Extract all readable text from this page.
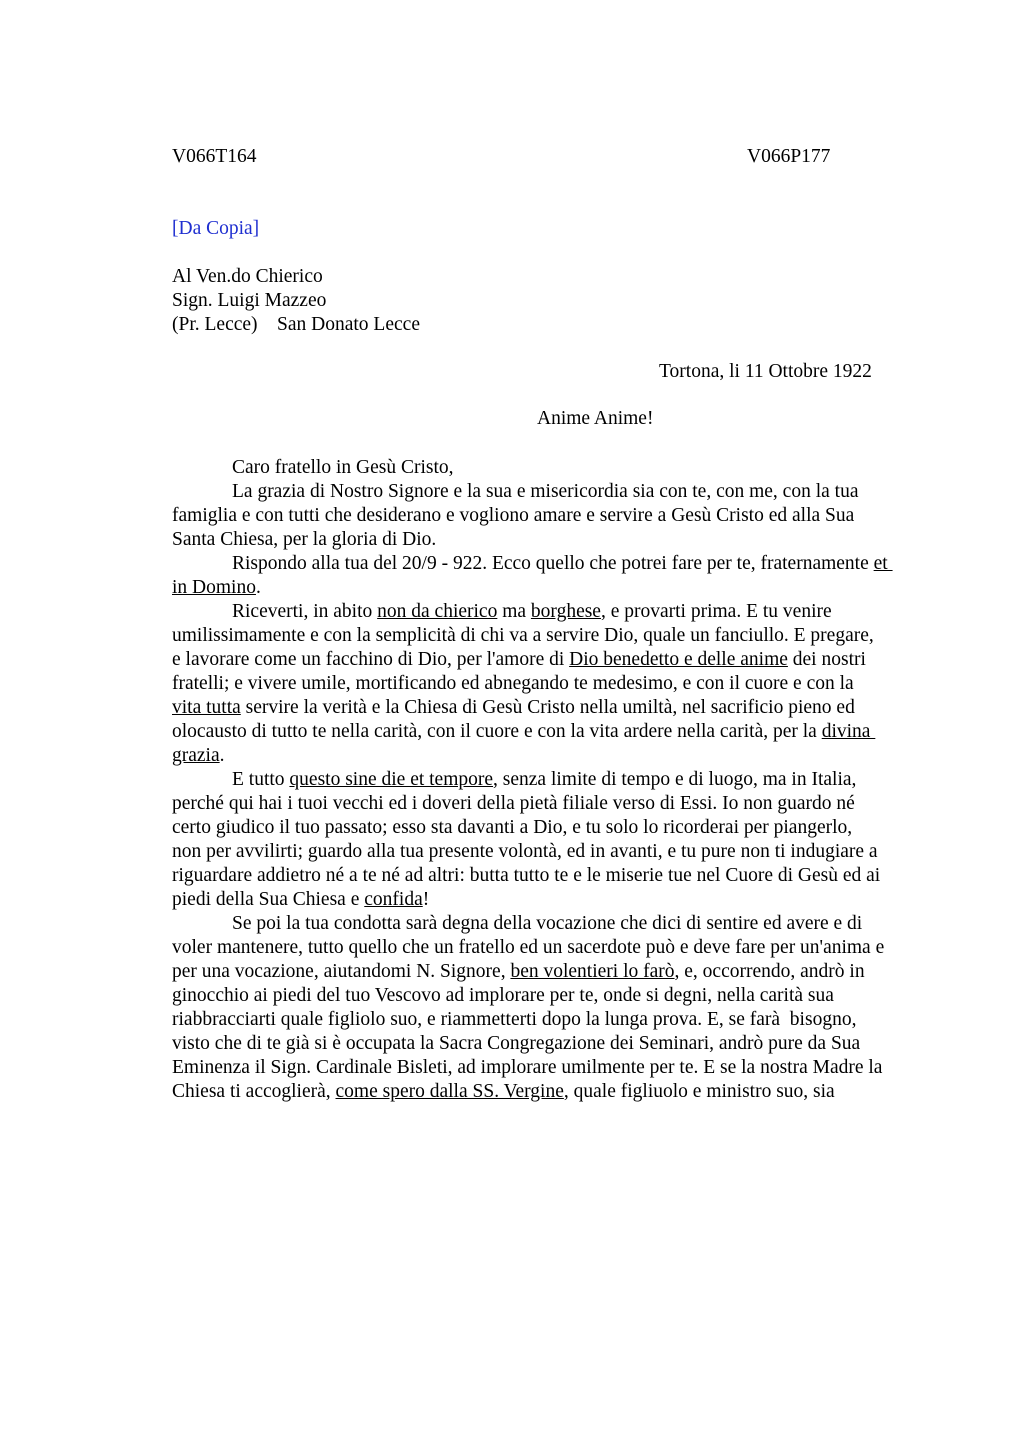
V066T164	V066P177
[Da Copia]
Al Ven.do Chierico
Sign. Luigi Mazzeo
(Pr. Lecce)    San Donato Lecce
Tortona, li 11 Ottobre 1922
Anime Anime!
Caro fratello in Gesù Cristo,
La grazia di Nostro Signore e la sua e misericordia sia con te, con me, con la tua
famiglia e con tutti che desiderano e vogliono amare e servire a Gesù Cristo ed alla Sua
Santa Chiesa, per la gloria di Dio.
Rispondo alla tua del 20/9 - 922. Ecco quello che potrei fare per te, fraternamente et
in Domino.
Riceverti, in abito non da chierico ma borghese, e provarti prima. E tu venire
umilissimamente e con la semplicità di chi va a servire Dio, quale un fanciullo. E pregare,
e lavorare come un facchino di Dio, per l'amore di Dio benedetto e delle anime dei nostri
fratelli; e vivere umile, mortificando ed abnegando te medesimo, e con il cuore e con la
vita tutta servire la verità e la Chiesa di Gesù Cristo nella umiltà, nel sacrificio pieno ed
olocausto di tutto te nella carità, con il cuore e con la vita ardere nella carità, per la divina
grazia.
E tutto questo sine die et tempore, senza limite di tempo e di luogo, ma in Italia,
perché qui hai i tuoi vecchi ed i doveri della pietà filiale verso di Essi. Io non guardo né
certo giudico il tuo passato; esso sta davanti a Dio, e tu solo lo ricorderai per piangerlo,
non per avvilirti; guardo alla tua presente volontà, ed in avanti, e tu pure non ti indugiare a
riguardare addietro né a te né ad altri: butta tutto te e le miserie tue nel Cuore di Gesù ed ai
piedi della Sua Chiesa e confida!
Se poi la tua condotta sarà degna della vocazione che dici di sentire ed avere e di
voler mantenere, tutto quello che un fratello ed un sacerdote può e deve fare per un'anima e
per una vocazione, aiutandomi N. Signore, ben volentieri lo farò, e, occorrendo, andrò in
ginocchio ai piedi del tuo Vescovo ad implorare per te, onde si degni, nella carità sua
riabbracciarti quale figliolo suo, e riammetterti dopo la lunga prova. E, se farà  bisogno,
visto che di te già si è occupata la Sacra Congregazione dei Seminari, andrò pure da Sua
Eminenza il Sign. Cardinale Bisleti, ad implorare umilmente per te. E se la nostra Madre la
Chiesa ti accoglierà, come spero dalla SS. Vergine, quale figliuolo e ministro suo, sia
